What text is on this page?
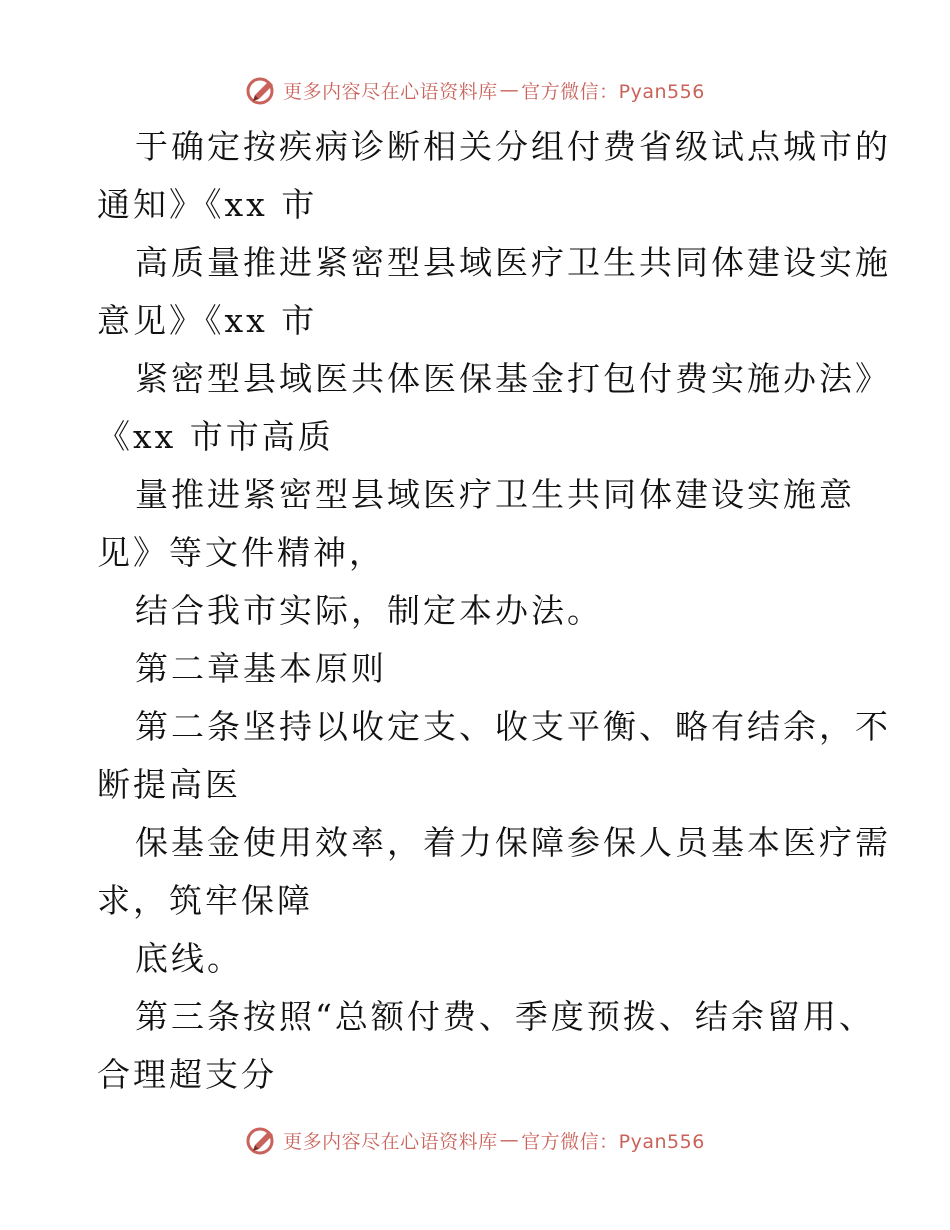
更多内容尽在心语资料库 — 官方微信：Pyan556
于确定按疾病诊断相关分组付费省级试点城市的
通知》《xx 市
高质量推进紧密型县域医疗卫生共同体建设实施
意见》《xx 市
紧密型县域医共体医保基金打包付费实施办法》
《xx 市市高质
量推进紧密型县域医疗卫生共同体建设实施意
见》等文件精神，
结合我市实际，制定本办法。
第二章基本原则
第二条坚持以收定支、收支平衡、略有结余，不
断提高医
保基金使用效率，着力保障参保人员基本医疗需
求，筑牢保障
底线。
第三条按照“总额付费、季度预拨、结余留用、
合理超支分
更多内容尽在心语资料库 — 官方微信：Pyan556
